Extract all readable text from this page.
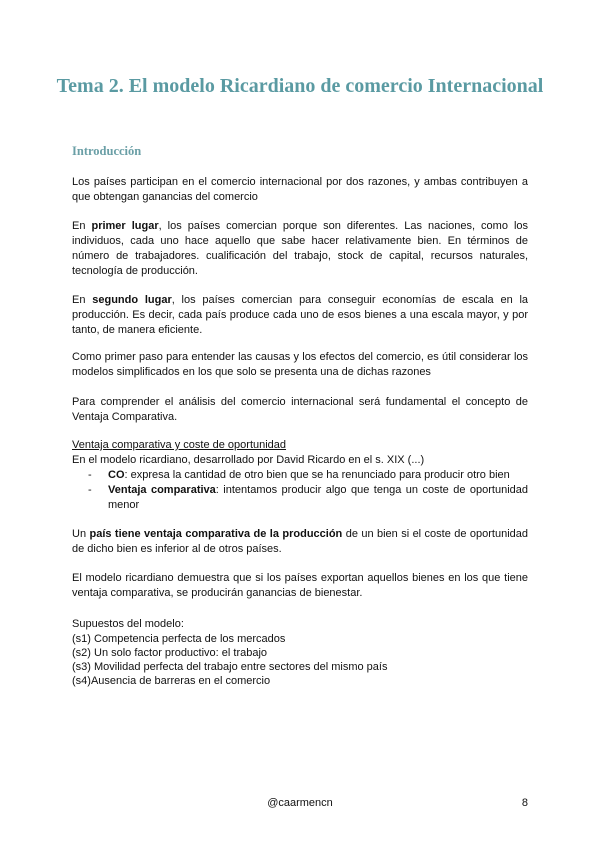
Tema 2. El modelo Ricardiano de comercio Internacional
Introducción

Los países participan en el comercio internacional por dos razones, y ambas contribuyen a que obtengan ganancias del comercio

En primer lugar, los países comercian porque son diferentes. Las naciones, como los individuos, cada uno hace aquello que sabe hacer relativamente bien. En términos de número de trabajadores. cualificación del trabajo, stock de capital, recursos naturales, tecnología de producción.

En segundo lugar, los países comercian para conseguir economías de escala en la producción. Es decir, cada país produce cada uno de esos bienes a una escala mayor, y por tanto, de manera eficiente.

Como primer paso para entender las causas y los efectos del comercio, es útil considerar los modelos simplificados en los que solo se presenta una de dichas razones

Para comprender el análisis del comercio internacional será fundamental el concepto de Ventaja Comparativa.

Ventaja comparativa y coste de oportunidad

En el modelo ricardiano, desarrollado por David Ricardo en el s. XIX (...)

- CO: expresa la cantidad de otro bien que se ha renunciado para producir otro bien
- Ventaja comparativa: intentamos producir algo que tenga un coste de oportunidad menor

Un país tiene ventaja comparativa de la producción de un bien si el coste de oportunidad de dicho bien es inferior al de otros países.

El modelo ricardiano demuestra que si los países exportan aquellos bienes en los que tiene ventaja comparativa, se producirán ganancias de bienestar.

Supuestos del modelo:

(s1) Competencia perfecta de los mercados

(s2) Un solo factor productivo: el trabajo

(s3) Movilidad perfecta del trabajo entre sectores del mismo país

(s4)Ausencia de barreras en el comercio

@caarmencn	8
